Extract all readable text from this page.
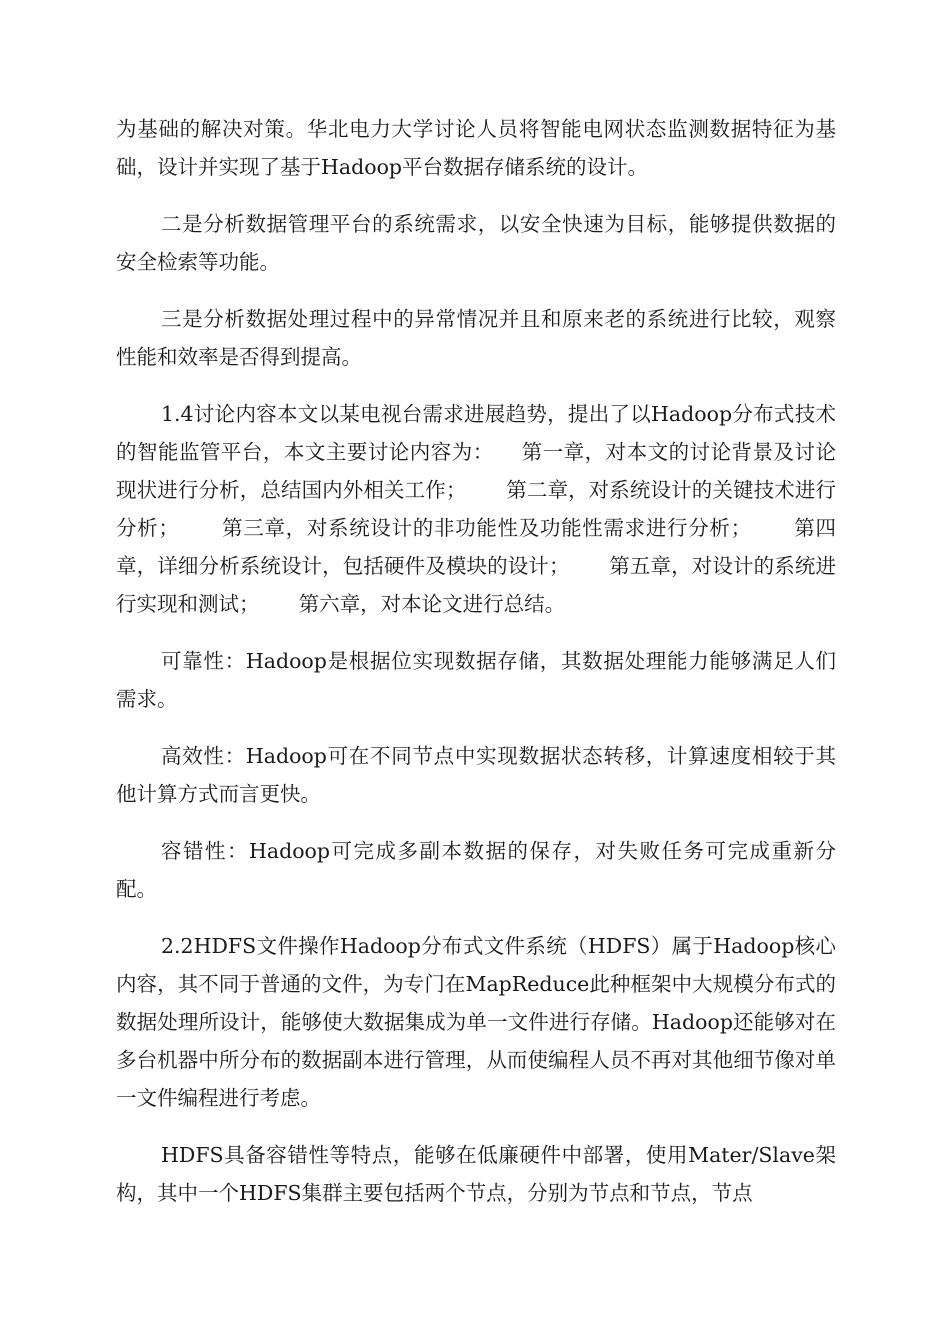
为基础的解决对策。华北电力大学讨论人员将智能电网状态监测数据特征为基础，设计并实现了基于Hadoop平台数据存储系统的设计。

二是分析数据管理平台的系统需求，以安全快速为目标，能够提供数据的安全检索等功能。

三是分析数据处理过程中的异常情况并且和原来老的系统进行比较，观察性能和效率是否得到提高。

1.4讨论内容本文以某电视台需求进展趋势，提出了以Hadoop分布式技术的智能监管平台，本文主要讨论内容为：    第一章，对本文的讨论背景及讨论现状进行分析，总结国内外相关工作；      第二章，对系统设计的关键技术进行分析；      第三章，对系统设计的非功能性及功能性需求进行分析；      第四章，详细分析系统设计，包括硬件及模块的设计；      第五章，对设计的系统进行实现和测试；      第六章，对本论文进行总结。

可靠性：Hadoop是根据位实现数据存储，其数据处理能力能够满足人们需求。

高效性：Hadoop可在不同节点中实现数据状态转移，计算速度相较于其他计算方式而言更快。

容错性：Hadoop可完成多副本数据的保存，对失败任务可完成重新分配。

2.2HDFS文件操作Hadoop分布式文件系统（HDFS）属于Hadoop核心内容，其不同于普通的文件，为专门在MapReduce此种框架中大规模分布式的数据处理所设计，能够使大数据集成为单一文件进行存储。Hadoop还能够对在多台机器中所分布的数据副本进行管理，从而使编程人员不再对其他细节像对单一文件编程进行考虑。

HDFS具备容错性等特点，能够在低廉硬件中部署，使用Mater/Slave架构，其中一个HDFS集群主要包括两个节点，分别为节点和节点，节点
